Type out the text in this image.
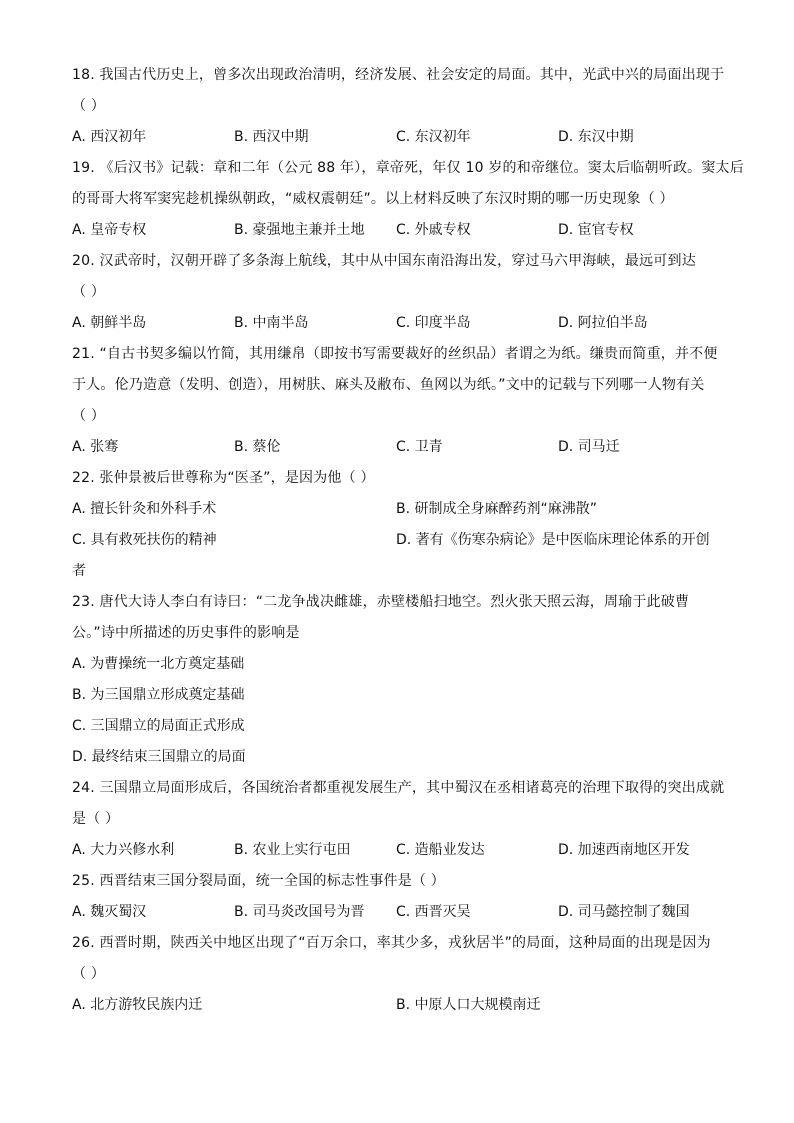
18. 我国古代历史上，曾多次出现政治清明，经济发展、社会安定的局面。其中，光武中兴的局面出现于
（ ）
A. 西汉初年	B. 西汉中期	C. 东汉初年	D. 东汉中期
19. 《后汉书》记载：章和二年（公元 88 年），章帝死，年仅 10 岁的和帝继位。窦太后临朝听政。窦太后
的哥哥大将军窦宪趁机操纵朝政，“威权震朝廷”。以上材料反映了东汉时期的哪一历史现象（ ）
A. 皇帝专权	B. 豪强地主兼并土地	C. 外戚专权	D. 宦官专权
20. 汉武帝时，汉朝开辟了多条海上航线，其中从中国东南沿海出发，穿过马六甲海峡，最远可到达
（ ）
A. 朝鲜半岛	B. 中南半岛	C. 印度半岛	D. 阿拉伯半岛
21. “自古书契多编以竹简，其用缣帛（即按书写需要裁好的丝织品）者谓之为纸。缣贵而简重，并不便
于人。伦乃造意（发明、创造），用树肤、麻头及敝布、鱼网以为纸。”文中的记载与下列哪一人物有关
（ ）
A. 张骞	B. 蔡伦	C. 卫青	D. 司马迁
22. 张仲景被后世尊称为“医圣”，是因为他（ ）
A. 擅长针灸和外科手术	B. 研制成全身麻醉药剂“麻沸散”
C. 具有救死扶伤的精神	D. 著有《伤寒杂病论》是中医临床理论体系的开创
者
23. 唐代大诗人李白有诗曰：“二龙争战决雌雄，赤壁楼船扫地空。烈火张天照云海，周瑜于此破曹
公。”诗中所描述的历史事件的影响是
A. 为曹操统一北方奠定基础
B. 为三国鼎立形成奠定基础
C. 三国鼎立的局面正式形成
D. 最终结束三国鼎立的局面
24. 三国鼎立局面形成后，各国统治者都重视发展生产，其中蜀汉在丞相诸葛亮的治理下取得的突出成就
是（ ）
A. 大力兴修水利	B. 农业上实行屯田	C. 造船业发达	D. 加速西南地区开发
25. 西晋结束三国分裂局面，统一全国的标志性事件是（ ）
A. 魏灭蜀汉	B. 司马炎改国号为晋	C. 西晋灭吴	D. 司马懿控制了魏国
26. 西晋时期，陕西关中地区出现了“百万余口，率其少多，戎狄居半”的局面，这种局面的出现是因为
（ ）
A. 北方游牧民族内迁	B. 中原人口大规模南迁
